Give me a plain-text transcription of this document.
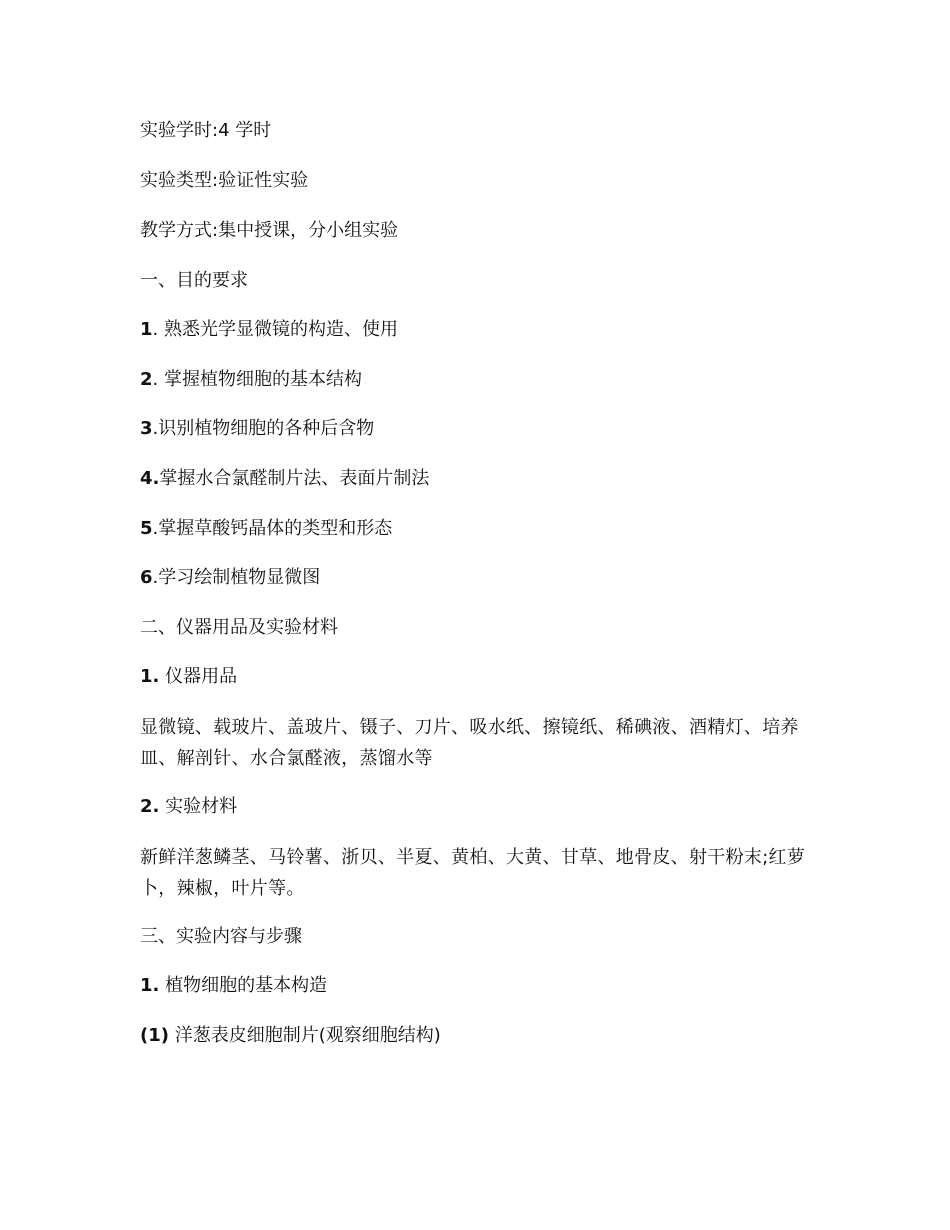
实验学时:4 学时
实验类型:验证性实验
教学方式:集中授课，分小组实验
一、目的要求
1. 熟悉光学显微镜的构造、使用
2. 掌握植物细胞的基本结构
3.识别植物细胞的各种后含物
4.掌握水合氯醛制片法、表面片制法
5.掌握草酸钙晶体的类型和形态
6.学习绘制植物显微图
二、仪器用品及实验材料
1. 仪器用品
显微镜、载玻片、盖玻片、镊子、刀片、吸水纸、擦镜纸、稀碘液、酒精灯、培养皿、解剖针、水合氯醛液，蒸馏水等
2. 实验材料
新鲜洋葱鳞茎、马铃薯、浙贝、半夏、黄柏、大黄、甘草、地骨皮、射干粉末;红萝卜，辣椒，叶片等。
三、实验内容与步骤
1. 植物细胞的基本构造
(1) 洋葱表皮细胞制片(观察细胞结构)
